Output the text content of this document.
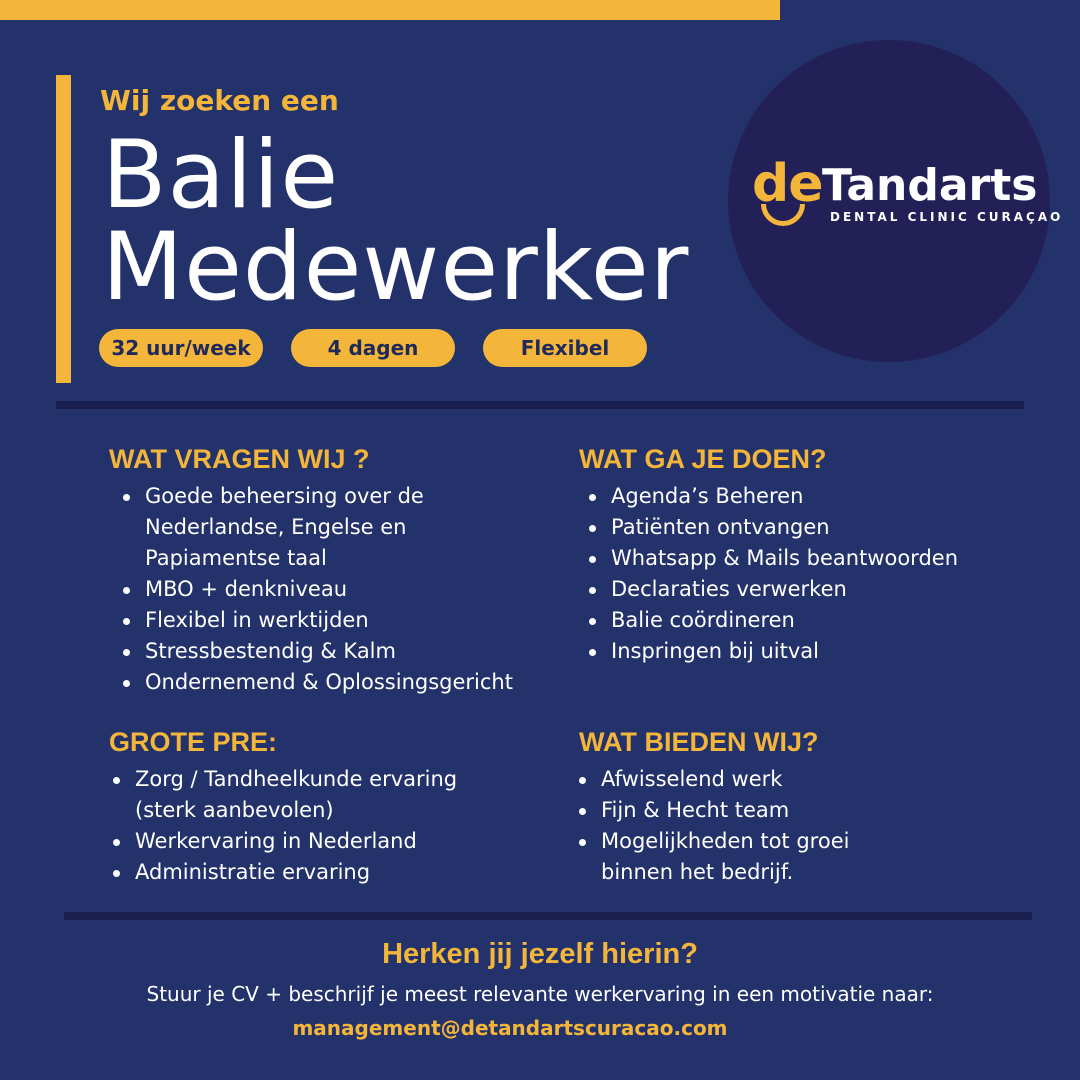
Wij zoeken een
Balie
Medewerker
32 uur/week	4 dagen	Flexibel
de Tandarts
DENTAL CLINIC CURAÇAO
WAT VRAGEN WIJ ?
Goede beheersing over de Nederlandse, Engelse en Papiamentse taal
MBO + denkniveau
Flexibel in werktijden
Stressbestendig & Kalm
Ondernemend & Oplossingsgericht
WAT GA JE DOEN?
Agenda’s Beheren
Patiënten ontvangen
Whatsapp & Mails beantwoorden
Declaraties verwerken
Balie coördineren
Inspringen bij uitval
GROTE PRE:
Zorg / Tandheelkunde ervaring (sterk aanbevolen)
Werkervaring in Nederland
Administratie ervaring
WAT BIEDEN WIJ?
Afwisselend werk
Fijn & Hecht team
Mogelijkheden tot groei binnen het bedrijf.
Herken jij jezelf hierin?
Stuur je CV + beschrijf je meest relevante werkervaring in een motivatie naar:
management@detandartscuracao.com
